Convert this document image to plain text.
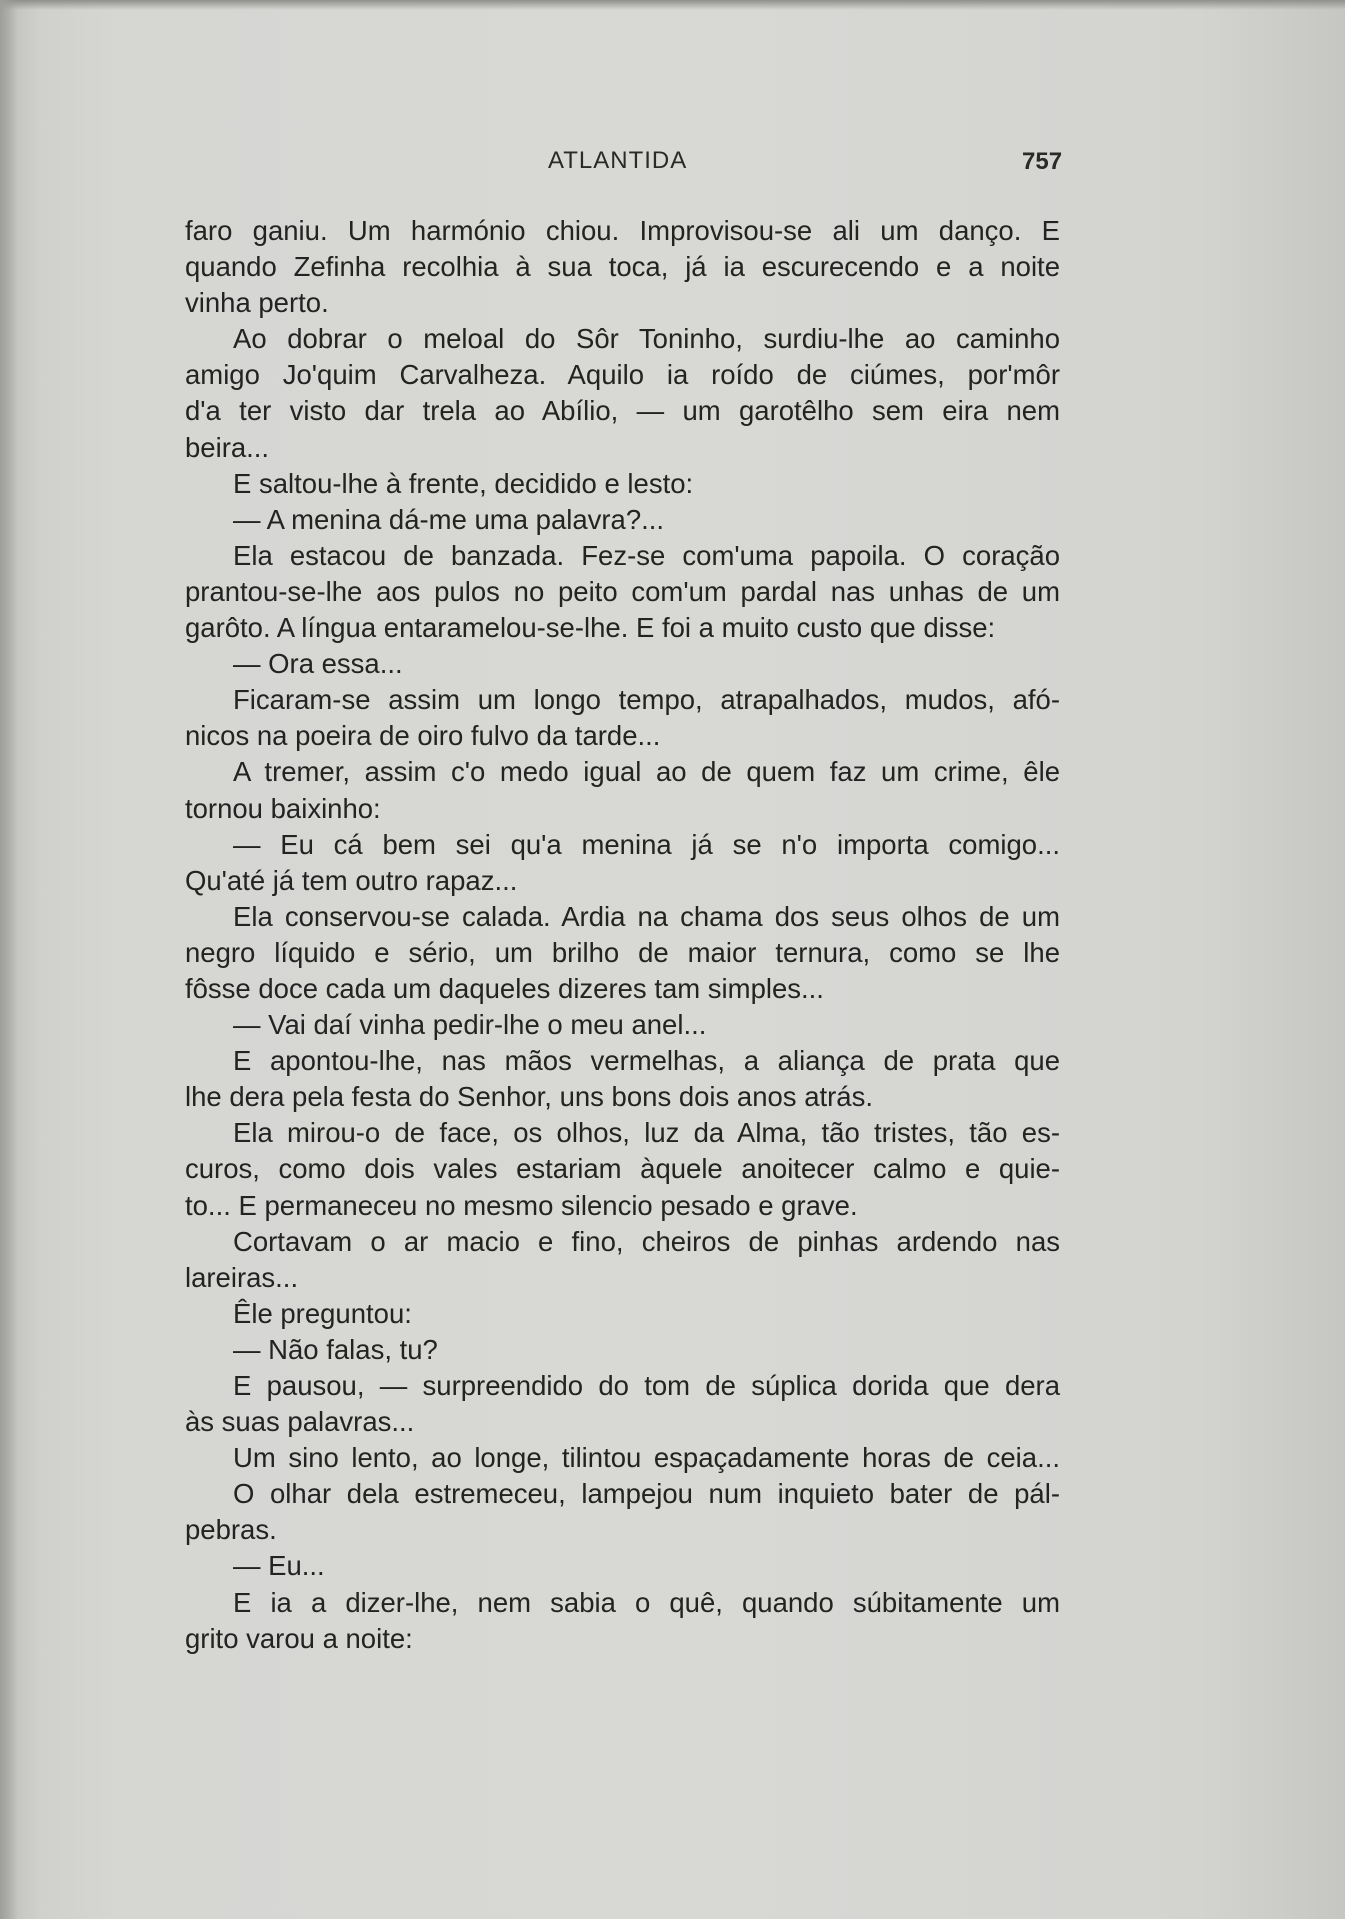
ATLANTIDA	757
faro ganiu. Um harmónio chiou. Improvisou-se ali um danço. E
quando Zefinha recolhia à sua toca, já ia escurecendo e a noite
vinha perto.
Ao dobrar o meloal do Sôr Toninho, surdiu-lhe ao caminho
amigo Jo'quim Carvalheza. Aquilo ia roído de ciúmes, por'môr
d'a ter visto dar trela ao Abílio, — um garotêlho sem eira nem
beira...
E saltou-lhe à frente, decidido e lesto:
— A menina dá-me uma palavra?...
Ela estacou de banzada. Fez-se com'uma papoila. O coração
prantou-se-lhe aos pulos no peito com'um pardal nas unhas de um
garôto. A língua entaramelou-se-lhe. E foi a muito custo que disse:
— Ora essa...
Ficaram-se assim um longo tempo, atrapalhados, mudos, afó-
nicos na poeira de oiro fulvo da tarde...
A tremer, assim c'o medo igual ao de quem faz um crime, êle
tornou baixinho:
— Eu cá bem sei qu'a menina já se n'o importa comigo...
Qu'até já tem outro rapaz...
Ela conservou-se calada. Ardia na chama dos seus olhos de um
negro líquido e sério, um brilho de maior ternura, como se lhe
fôsse doce cada um daqueles dizeres tam simples...
— Vai daí vinha pedir-lhe o meu anel...
E apontou-lhe, nas mãos vermelhas, a aliança de prata que
lhe dera pela festa do Senhor, uns bons dois anos atrás.
Ela mirou-o de face, os olhos, luz da Alma, tão tristes, tão es-
curos, como dois vales estariam àquele anoitecer calmo e quie-
to... E permaneceu no mesmo silencio pesado e grave.
Cortavam o ar macio e fino, cheiros de pinhas ardendo nas
lareiras...
Êle preguntou:
— Não falas, tu?
E pausou, — surpreendido do tom de súplica dorida que dera
às suas palavras...
Um sino lento, ao longe, tilintou espaçadamente horas de ceia...
O olhar dela estremeceu, lampejou num inquieto bater de pál-
pebras.
— Eu...
E ia a dizer-lhe, nem sabia o quê, quando súbitamente um
grito varou a noite:
